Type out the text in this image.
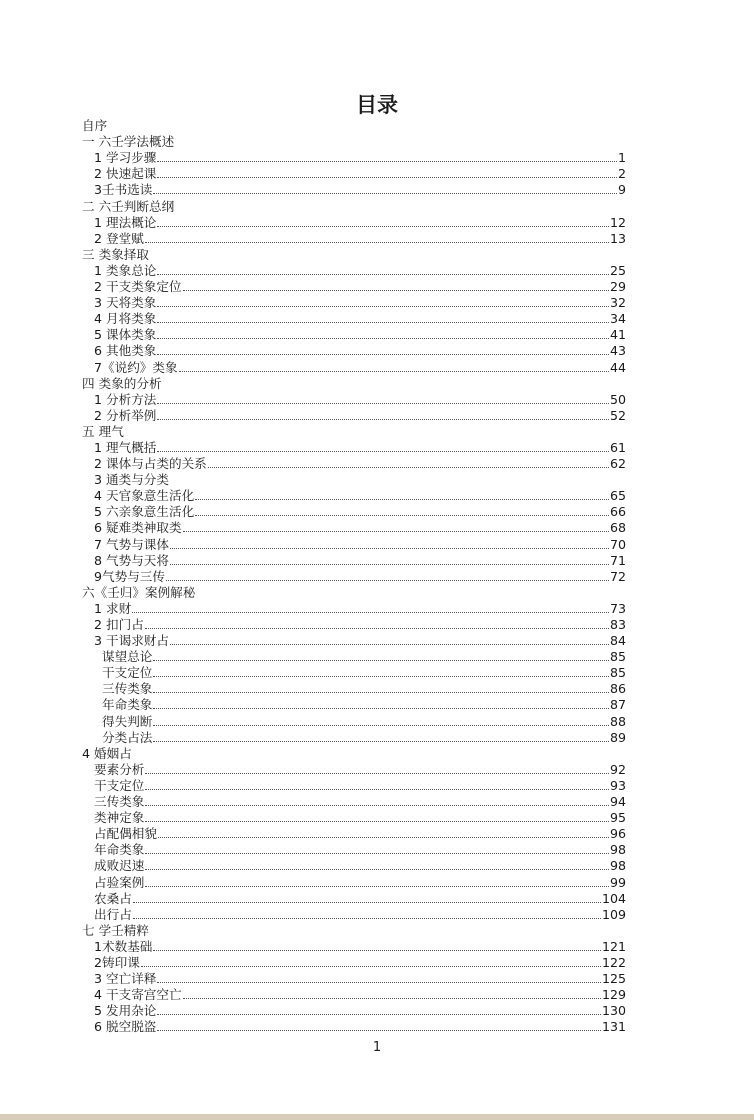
目录
自序
一 六壬学法概述
1 学习步骤	1
2 快速起课	2
3壬书选读	9
二 六壬判断总纲
1 理法概论	12
2 登堂赋	13
三 类象择取
1 类象总论	25
2 干支类象定位	29
3 天将类象	32
4 月将类象	34
5 课体类象	41
6 其他类象	43
7《说约》类象	44
四 类象的分析
1 分析方法	50
2 分析举例	52
五 理气
1 理气概括	61
2 课体与占类的关系	62
3 通类与分类
4 天官象意生活化	65
5 六亲象意生活化	66
6 疑难类神取类	68
7 气势与课体	70
8 气势与天将	71
9气势与三传	72
六《壬归》案例解秘
1 求财	73
2 扣门占	83
3 干谒求财占	84
谋望总论	85
干支定位	85
三传类象	86
年命类象	87
得失判断	88
分类占法	89
4 婚姻占
要素分析	92
干支定位	93
三传类象	94
类神定象	95
占配偶相貌	96
年命类象	98
成败迟速	98
占验案例	99
农桑占	104
出行占	109
七 学壬精粹
1术数基础	121
2铸印课	122
3 空亡详释	125
4 干支寄宫空亡	129
5 发用杂论	130
6 脱空脱盗	131
1
